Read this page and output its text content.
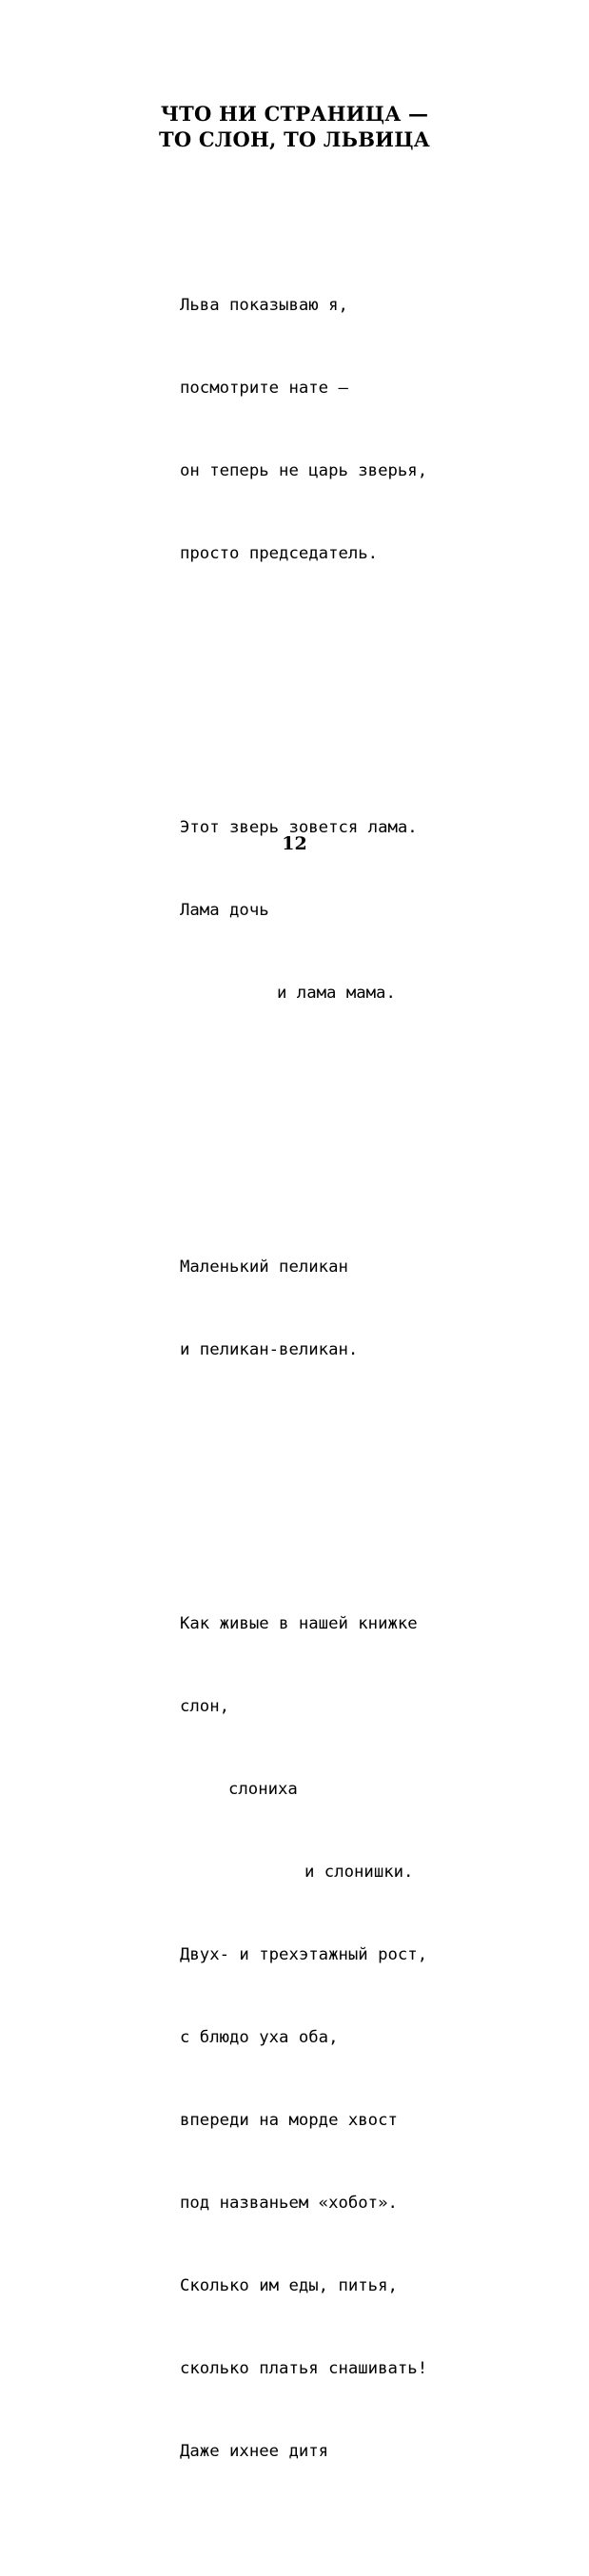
ЧТО НИ СТРАНИЦА —
ТО СЛОН, ТО ЛЬВИЦА

Льва показываю я,

посмотрите нате —

он теперь не царь зверья,

просто председатель.

Этот зверь зовется лама.

Лама дочь

и лама мама.

Маленький пеликан

и пеликан-великан.

Как живые в нашей книжке

слон,

слониха

и слонишки.

Двух- и трехэтажный рост,

с блюдо уха оба,

впереди на морде хвост

под названьем «хобот».

Сколько им еды, питья,

сколько платья снашивать!

Даже ихнее дитя

12
